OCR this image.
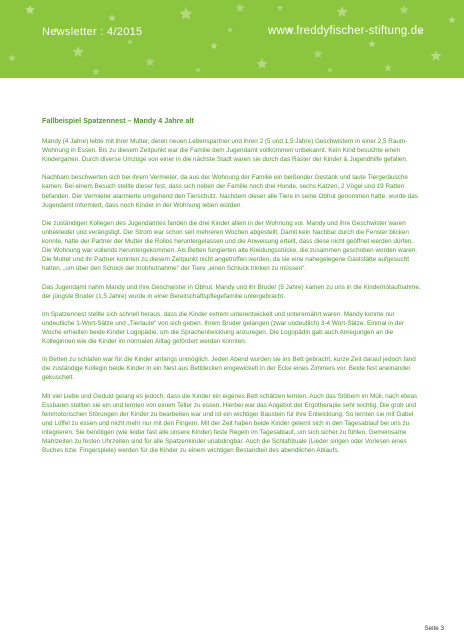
Newsletter : 4/2015	www.freddyfischer-stiftung.de
Fallbeispiel Spatzennest – Mandy 4 Jahre alt

Mandy (4 Jahre) lebte mit ihrer Mutter, deren neuen Lebenspartner und ihren 2 (5 und 1,5 Jahre) Geschwistern in einer 2,5 Raum-Wohnung in Essen. Bis zu diesem Zeitpunkt war die Familie dem Jugendamt vollkommen unbekannt. Kein Kind besuchte einen Kindergarten. Durch diverse Umzüge von einer in die nächste Stadt waren sie durch das Raster der Kinder & Jugendhilfe gefallen.

Nachbarn beschwerten sich bei ihrem Vermieter, da aus der Wohnung der Familie ein beißender Gestank und laute Tiergeräusche kamen. Bei einem Besuch stellte dieser fest, dass sich neben der Familie noch drei Hunde, sechs Katzen, 2 Vögel und 19 Ratten befanden. Der Vermieter alarmierte umgehend den Tierschutz. Nachdem dieser alle Tiere in seine Obhut genommen hatte, wurde das Jugendamt informiert, dass noch Kinder in der Wohnung leben würden.

Die zuständigen Kollegen des Jugendamtes fanden die drei Kinder allein in der Wohnung vor. Mandy und ihre Geschwister waren unbekleidet und verängstigt. Der Strom war schon seit mehreren Wochen abgestellt. Damit kein Nachbar durch die Fenster blicken konnte, hatte der Partner der Mutter die Rollos heruntergelassen und die Anweisung erteilt, dass diese nicht geöffnet werden dürfen. Die Wohnung war vollends heruntergekommen. Als Betten fungierten alte Kleidungsstücke, die zusammen geschoben worden waren. Die Mutter und ihr Partner konnten zu diesem Zeitpunkt nicht angetroffen werden, da sie eine nahegelegene Gaststätte aufgesucht hatten, „um über den Schock der Inobhutnahme“ der Tiere „einen Schluck trinken zu müssen“.

Das Jugendamt nahm Mandy und ihre Geschwister in Obhut. Mandy und ihr Bruder (5 Jahre) kamen zu uns in die Kindernotaufnahme, der jüngste Bruder (1,5 Jahre) wurde in einer Bereitschaftspflegefamilie untergebracht.

Im Spatzennest stellte sich schnell heraus, dass die Kinder extrem unterentwickelt und unterernährt waren. Mandy konnte nur undeutliche 1-Wort-Sätze und „Tierlaute“ von sich geben. Ihrem Bruder gelangen (zwar undeutlich) 3-4 Wort-Sätze. Einmal in der Woche erhielten beide Kinder Logopädie, um die Sprachentwicklung anzuregen. Die Logopädin gab auch Anregungen an die Kolleginnen wie die Kinder im normalen Alltag gefördert werden konnten.

In Betten zu schlafen war für die Kinder anfangs unmöglich. Jeden Abend wurden sie ins Bett gebracht, kurze Zeit darauf jedoch fand die zuständige Kollegin beide Kinder in ein Nest aus Bettdecken eingewickelt in der Ecke eines Zimmers vor. Beide fest aneinander gekuschelt.

Mit viel Liebe und Geduld gelang es jedoch, dass die Kinder ein eigenes Bett schätzen lernten. Auch das Stöbern im Müll, nach etwas Essbaren stellten sie ein und lernten von einem Teller zu essen. Hierbei war das Angebot der Ergotherapie sehr wichtig. Die grob und feinmotorischen Störungen der Kinder zu bearbeiten war und ist ein wichtiger Baustein für ihre Entwicklung. So lernten sie mit Gabel und Löffel zu essen und nicht mehr nur mit den Fingern. Mit der Zeit haben beide Kinder gelernt sich in den Tagesablauf bei uns zu integrieren. Sie benötigen (wie leider fast alle unsere Kinder) feste Regeln im Tagesablauf, um sich sicher zu fühlen. Gemeinsame Mahlzeiten zu festen Uhrzeiten sind für alle Spatzenkinder unabdingbar. Auch die Schlafrituale (Lieder singen oder Vorlesen eines Buches bzw. Fingerspiele) werden für die Kinder zu einem wichtigen Bestandteil des abendlichen Ablaufs.

Seite 3
